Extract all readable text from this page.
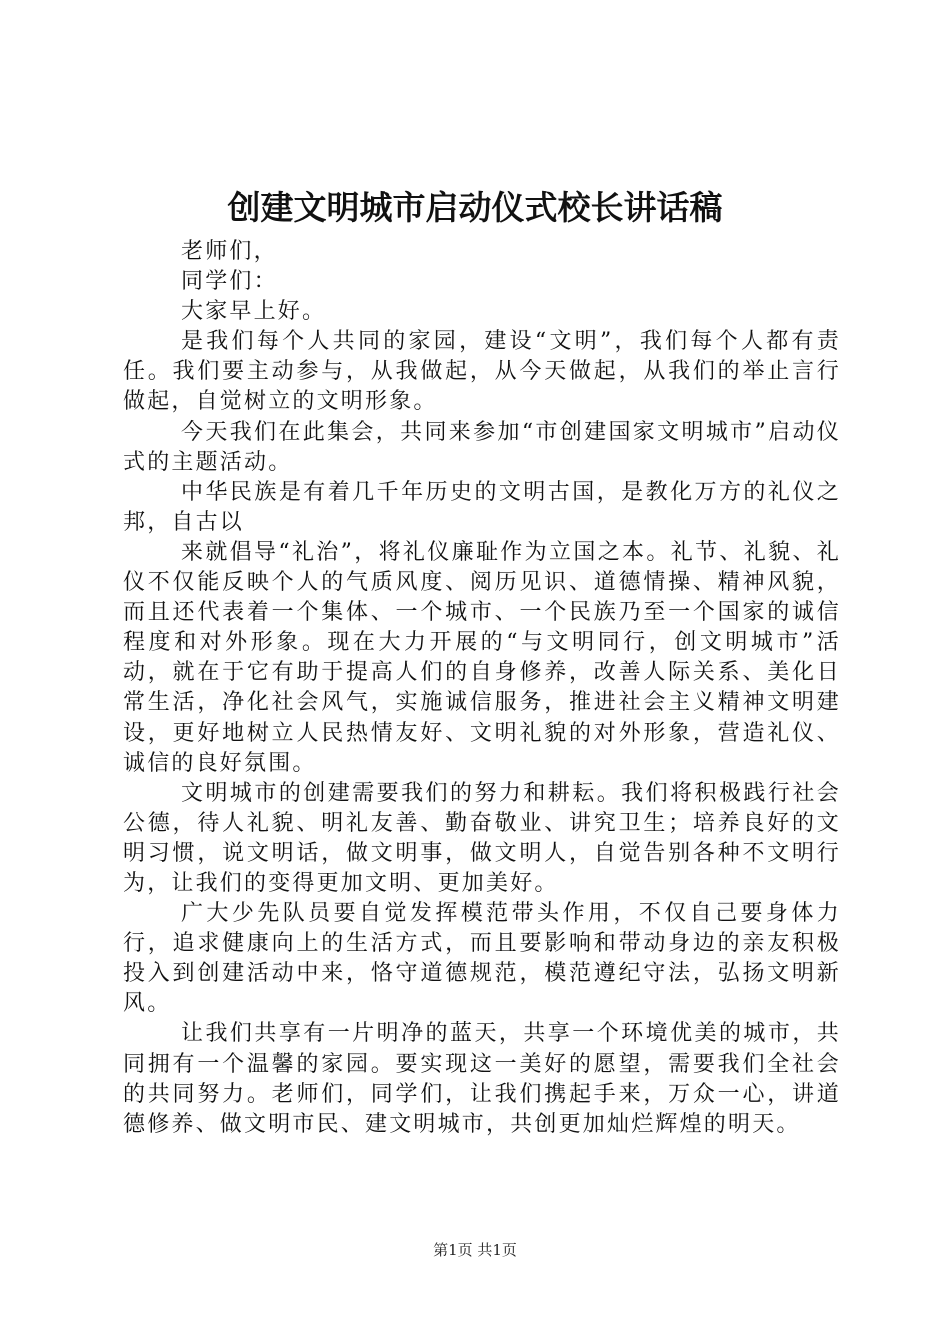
创建文明城市启动仪式校长讲话稿

老师们，

同学们：

大家早上好。

是我们每个人共同的家园，建设“文明”，我们每个人都有责任。我们要主动参与，从我做起，从今天做起，从我们的举止言行做起，自觉树立的文明形象。

今天我们在此集会，共同来参加“市创建国家文明城市”启动仪式的主题活动。

中华民族是有着几千年历史的文明古国，是教化万方的礼仪之邦，自古以

来就倡导“礼治”，将礼仪廉耻作为立国之本。礼节、礼貌、礼仪不仅能反映个人的气质风度、阅历见识、道德情操、精神风貌，而且还代表着一个集体、一个城市、一个民族乃至一个国家的诚信程度和对外形象。现在大力开展的“与文明同行，创文明城市”活动，就在于它有助于提高人们的自身修养，改善人际关系、美化日常生活，净化社会风气，实施诚信服务，推进社会主义精神文明建设，更好地树立人民热情友好、文明礼貌的对外形象，营造礼仪、诚信的良好氛围。

文明城市的创建需要我们的努力和耕耘。我们将积极践行社会公德，待人礼貌、明礼友善、勤奋敬业、讲究卫生；培养良好的文明习惯，说文明话，做文明事，做文明人，自觉告别各种不文明行为，让我们的变得更加文明、更加美好。

广大少先队员要自觉发挥模范带头作用，不仅自己要身体力行，追求健康向上的生活方式，而且要影响和带动身边的亲友积极投入到创建活动中来，恪守道德规范，模范遵纪守法，弘扬文明新风。

让我们共享有一片明净的蓝天，共享一个环境优美的城市，共同拥有一个温馨的家园。要实现这一美好的愿望，需要我们全社会的共同努力。老师们，同学们，让我们携起手来，万众一心，讲道德修养、做文明市民、建文明城市，共创更加灿烂辉煌的明天。

第1页 共1页
